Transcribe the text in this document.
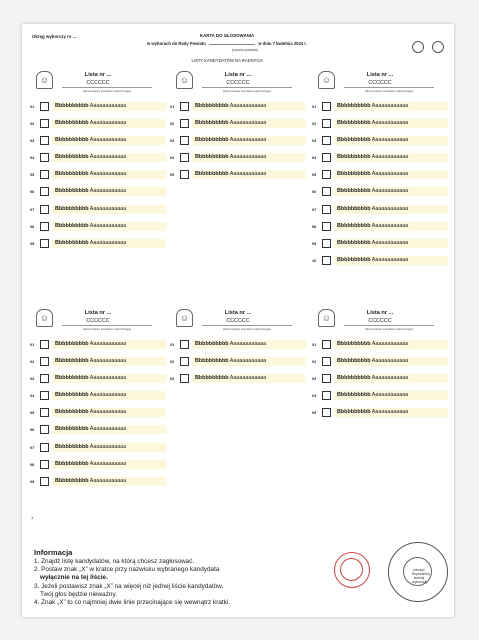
Okręg wyborczy nr ...	KARTA DO GŁOSOWANIA
w wyborach do Rady Powiatu	w dniu 7 kwietnia 2024 r.
(nazwa powiatu)
LISTY KANDYDATÓW NA RADNYCH
☺	Lista nr ...
CCCCCC
(skrót nazwy komitetu wyborczego)
01	Bbbbbbbbbb Aaaaaaaaaaaa
02	Bbbbbbbbbb Aaaaaaaaaaaa
03	Bbbbbbbbbb Aaaaaaaaaaaa
04	Bbbbbbbbbb Aaaaaaaaaaaa
05	Bbbbbbbbbb Aaaaaaaaaaaa
06	Bbbbbbbbbb Aaaaaaaaaaaa
07	Bbbbbbbbbb Aaaaaaaaaaaa
08	Bbbbbbbbbb Aaaaaaaaaaaa
09	Bbbbbbbbbb Aaaaaaaaaaaa
☺	Lista nr ...
CCCCCC
(skrót nazwy komitetu wyborczego)
01	Bbbbbbbbbb Aaaaaaaaaaaa
02	Bbbbbbbbbb Aaaaaaaaaaaa
03	Bbbbbbbbbb Aaaaaaaaaaaa
04	Bbbbbbbbbb Aaaaaaaaaaaa
05	Bbbbbbbbbb Aaaaaaaaaaaa
☺	Lista nr ...
CCCCCC
(skrót nazwy komitetu wyborczego)
01	Bbbbbbbbbb Aaaaaaaaaaaa
02	Bbbbbbbbbb Aaaaaaaaaaaa
03	Bbbbbbbbbb Aaaaaaaaaaaa
04	Bbbbbbbbbb Aaaaaaaaaaaa
05	Bbbbbbbbbb Aaaaaaaaaaaa
06	Bbbbbbbbbb Aaaaaaaaaaaa
07	Bbbbbbbbbb Aaaaaaaaaaaa
08	Bbbbbbbbbb Aaaaaaaaaaaa
09	Bbbbbbbbbb Aaaaaaaaaaaa
10	Bbbbbbbbbb Aaaaaaaaaaaa
☺	Lista nr ...
CCCCCC
(skrót nazwy komitetu wyborczego)
01	Bbbbbbbbbb Aaaaaaaaaaaa
02	Bbbbbbbbbb Aaaaaaaaaaaa
03	Bbbbbbbbbb Aaaaaaaaaaaa
04	Bbbbbbbbbb Aaaaaaaaaaaa
05	Bbbbbbbbbb Aaaaaaaaaaaa
06	Bbbbbbbbbb Aaaaaaaaaaaa
07	Bbbbbbbbbb Aaaaaaaaaaaa
08	Bbbbbbbbbb Aaaaaaaaaaaa
09	Bbbbbbbbbb Aaaaaaaaaaaa
☺	Lista nr ...
CCCCCC
(skrót nazwy komitetu wyborczego)
01	Bbbbbbbbbb Aaaaaaaaaaaa
02	Bbbbbbbbbb Aaaaaaaaaaaa
03	Bbbbbbbbbb Aaaaaaaaaaaa
☺	Lista nr ...
CCCCCC
(skrót nazwy komitetu wyborczego)
01	Bbbbbbbbbb Aaaaaaaaaaaa
02	Bbbbbbbbbb Aaaaaaaaaaaa
03	Bbbbbbbbbb Aaaaaaaaaaaa
04	Bbbbbbbbbb Aaaaaaaaaaaa
05	Bbbbbbbbbb Aaaaaaaaaaaa
1
Informacja

1. Znajdź listę kandydatów, na którą chcesz zagłosować.

2. Postaw znak „X” w kratce przy nazwisku wybranego kandydata

wyłącznie na tej liście.

3. Jeżeli postawisz znak „X” na więcej niż jednej liście kandydatów,

Twój głos będzie nieważny.

4. Znak „X” to co najmniej dwie linie przecinające się wewnątrz kratki.

pieczęć terytorialnej komisji wyborczej
